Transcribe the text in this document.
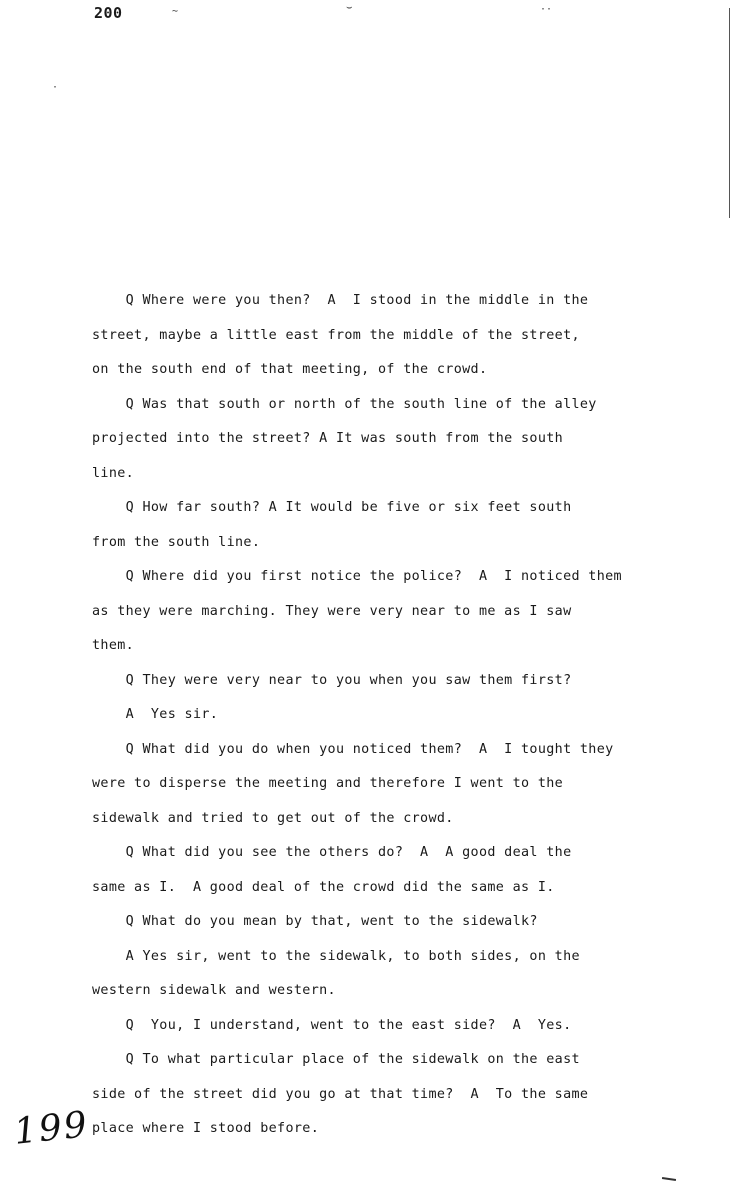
200	∼	⌣	··
·
Q Where were you then?  A  I stood in the middle in the
street, maybe a little east from the middle of the street,
on the south end of that meeting, of the crowd.
Q Was that south or north of the south line of the alley
projected into the street? A It was south from the south
line.
Q How far south? A It would be five or six feet south
from the south line.
Q Where did you first notice the police?  A  I noticed them
as they were marching. They were very near to me as I saw
them.
Q They were very near to you when you saw them first?
A  Yes sir.
Q What did you do when you noticed them?  A  I tought they
were to disperse the meeting and therefore I went to the
sidewalk and tried to get out of the crowd.
Q What did you see the others do?  A  A good deal the
same as I.  A good deal of the crowd did the same as I.
Q What do you mean by that, went to the sidewalk?
A Yes sir, went to the sidewalk, to both sides, on the
western sidewalk and western.
Q  You, I understand, went to the east side?  A  Yes.
Q To what particular place of the sidewalk on the east
side of the street did you go at that time?  A  To the same
place where I stood before.
199
